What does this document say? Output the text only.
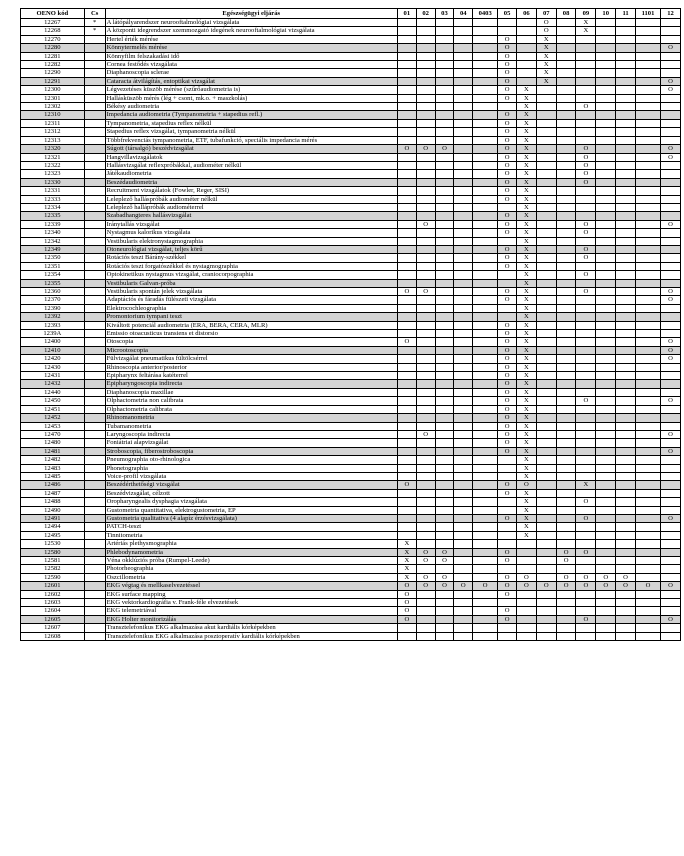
OENO kód	Cs	Egészségügyi eljárás	01	02	03	04	0403	05	06	07	08	09	10	11	1101	12
12267	*	A látópályarendszer neurooftalmológiai vizsgálata								O		X				
12268	*	A központi idegrendszer szemmozgató idegének neurooftalmológiai vizsgálata								O		X				
12270		Hertel érték mérése						O		X						
12280		Könnytermelés mérése						O		X						O
12281		Könnyfilm felszakadási idő						O		X						
12282		Cornea festődés vizsgálata						O		X						
12290		Diaphanoscopia sclerae						O		X						
12291		Cataracta átvilágítás, entoptikai vizsgálat						O		X						O
12300		Légvezetéses küszöb mérése (szűrőaudiometria is)						O	X							O
12301		Hallásküszöb mérés (lég + csont, mk.o. + maszkolás)						O	X							
12302		Békésy audiometria							X			O				
12310		Impedancia audiometria (Tympanometria + stapedius refl.)						O	X							
12311		Tympanometria, stapedius reflex nélkül						O	X							
12312		Stapedius reflex vizsgálat, tympanometria nélkül						O	X							
12313		Többfrekvenciás tympanometria, ETF, tubafunkció, speciális impedancia mérés						O	X							
12320		Súgott (társalgó) beszédvizsgálat	O	O	O			O	X			O				O
12321		Hangvillavizsgálatok						O	X			O				O
12322		Hallásvizsgálat reflexpróbákkal, audiométer nélkül						O	X			O				
12323		Játékaudiometria						O	X			O				
12330		Beszédaudiometria						O	X			O				
12331		Recruitment vizsgálatok (Fowler, Reger, SISI)						O	X							
12333		Leleplező halláspróbák audiométer nélkül						O	X							
12334		Leleplező hallápróbák audiométerrel							X							
12335		Szabadhangteres hallásvizsgálat						O	X							
12339		Iránytallás vizsgálat		O				O	X			O				O
12340		Nystagmus kalorikus vizsgálata						O	X			O				
12342		Vestibularis elektronystagmographia							X							
12349		Otoneurológiai vizsgálat, teljes körű						O	X			O				
12350		Rotációs teszt Bárány-székkel						O	X			O				
12351		Rotációs teszt forgatószékkel és nystagmographia						O	X							
12354		Optokinetikus nystagmus vizsgálat, craniocorpographia							X			O				
12355		Vestibularis Galvan-próba							X							
12360		Vestibularis spontán jelek vizsgálata	O	O				O	X			O				O
12370		Adaptációs és fáradás fülészeti vizsgálata						O	X							O
12390		Elektrocochleographia							X							
12392		Promontorium tympani teszt							X							
12393		Kiváltott potenciál audiometria (ERA, BERA, CERA, MLR)						O	X							
1239A		Emissio otoacusticus transiens et distorsio						O	X							
12400		Otoscopia	O					O	X							O
12410		Microotoscopia						O	X							O
12420		Fülvizsgálat pneumatikus fültölcsérrel						O	X							O
12430		Rhinoscopia anterior/posterior						O	X							
12431		Epipharynx feltárása katéterrel						O	X							
12432		Epipharyngoscopia indirecta						O	X							
12440		Diaphanoscopia maxillae						O	X							
12450		Olphactometria non calibrata						O	X			O				O
12451		Olphactometria calibrata						O	X							
12452		Rhinomanometria						O	X							
12453		Tubamanometria						O	X							
12470		Laryngoscopia indirecta		O				O	X							O
12480		Foniátriai alapvizsgálat						O	X							
12481		Stroboscopia, fiberostroboscopia						O	X							O
12482		Pneumographia oto-rhinologica							X							
12483		Phonetographia							X							
12485		Voice-profil vizsgálata							X							
12486		Beszédérthetőségi vizsgálat	O					O	O			X				
12487		Beszédvizsgálat, célzott						O	X							
12488		Oropharyngealis dysphagia vizsgálata							X			O				
12490		Gustometria quantitativa, elektrogustometria, EP							X							
12491		Gustometria qualitativa (4 alapíz érzésvizsgálata)						O	X			O				O
12494		PATCH-teszt							X							
12495		Tinnitometria							X							
12530		Artériás plethysmographia	X													
12580		Phlebodynamometria	X	O	O			O			O	O				
12581		Véna okklúziós próba (Rumpel-Leede)	X	O	O			O			O					
12582		Photorheographia	X													
12590		Oszcillometria	X	O	O			O	O		O	O	O	O		
12601		EKG végtag és mellkaselvezetéssel	O	O	O	O	O	O	O	O	O	O	O	O	O	O
12602		EKG surface mapping	O					O								
12603		EKG vektorkardiográfia v. Frank-féle elvezetések	O													
12604		EKG telemetriával	O					O								
12605		EKG Holter monitorizálás	O					O				O				O
12607		Transztelefonikus EKG alkalmazása akut kardiális kórképekben														
12608		Transztelefonikus EKG alkalmazása posztoperatív kardiális kórképekben														
